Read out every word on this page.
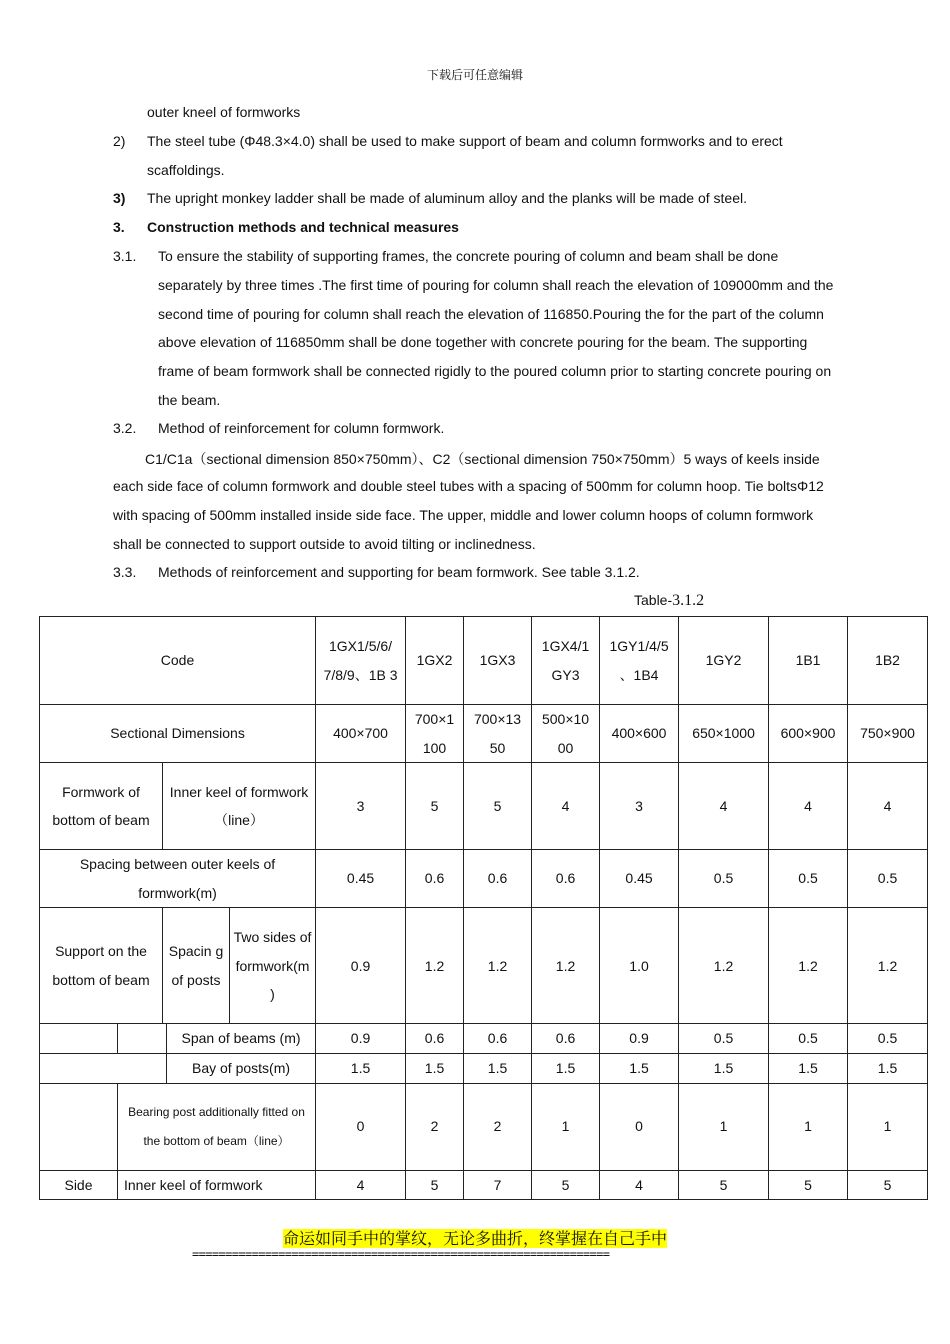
下载后可任意编辑
outer kneel of formworks
2) The steel tube (Φ48.3×4.0) shall be used to make support of beam and column formworks and to erect
scaffoldings.
3) The upright monkey ladder shall be made of aluminum alloy and the planks will be made of steel.
3. Construction methods and technical measures
3.1. To ensure the stability of supporting frames, the concrete pouring of column and beam shall be done
separately by three times .The first time of pouring for column shall reach the elevation of 109000mm and the
second time of pouring for column shall reach the elevation of 116850.Pouring the for the part of the column
above elevation of 116850mm shall be done together with concrete pouring for the beam. The supporting
frame of beam formwork shall be connected rigidly to the poured column prior to starting concrete pouring on
the beam.
3.2. Method of reinforcement for column formwork.
C1/C1a（sectional dimension 850×750mm）、C2（sectional dimension 750×750mm）5 ways of keels inside
each side face of column formwork and double steel tubes with a spacing of 500mm for column hoop. Tie boltsΦ12
with spacing of 500mm installed inside side face. The upper, middle and lower column hoops of column formwork
shall be connected to support outside to avoid tilting or inclinedness.
3.3. Methods of reinforcement and supporting for beam formwork. See table 3.1.2.
Table-3.1.2
Code					1GX1/5/6/ 7/8/9、1B 3	1GX2	1GX3	1GX4/1 GY3	1GY1/4/5 、1B4	1GY2	1B1	1B2
Sectional Dimensions					400×700	700×1 100	700×13 50	500×10 00	400×600	650×1000	600×900	750×900
Formwork of bottom of beam		Inner keel of formwork （line）			3	5	5	4	3	4	4	4
Spacing between outer keels of formwork(m)					0.45	0.6	0.6	0.6	0.45	0.5	0.5	0.5
Support on the bottom of beam		Spacin g of posts		Two sides of formwork(m )	0.9	1.2	1.2	1.2	1.0	1.2	1.2	1.2
			Span of beams (m)		0.9	0.6	0.6	0.6	0.9	0.5	0.5	0.5
			Bay of posts(m)		1.5	1.5	1.5	1.5	1.5	1.5	1.5	1.5
	Bearing post additionally fitted on the bottom of beam（line）				0	2	2	1	0	1	1	1
Side	Inner keel of formwork				4	5	7	5	4	5	5	5
命运如同手中的掌纹，无论多曲折，终掌握在自己手中
===============================================================
